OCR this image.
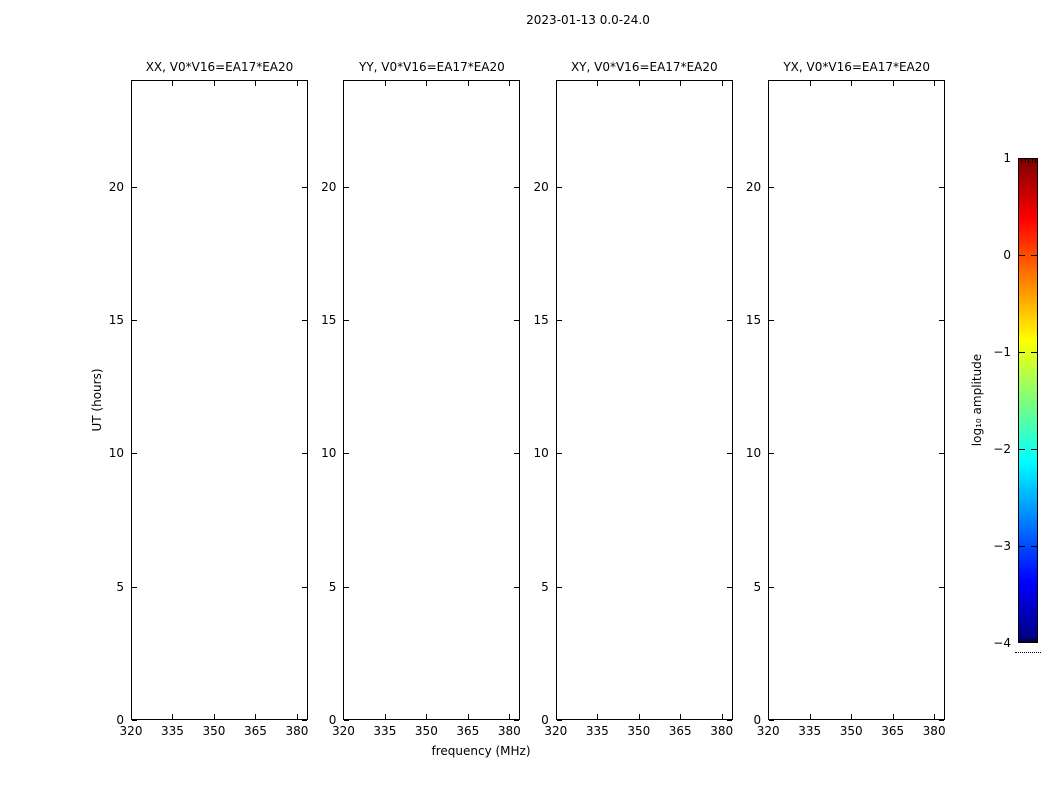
2023-01-13 0.0-24.0
XX, V0*V16=EA17*EA20
320 335 350 365 380
0
5
10
15
20
YY, V0*V16=EA17*EA20
320 335 350 365 380
0
5
10
15
20
XY, V0*V16=EA17*EA20
320 335 350 365 380
0
5
10
15
20
YX, V0*V16=EA17*EA20
320 335 350 365 380
0
5
10
15
20
frequency (MHz)
UT (hours)
1
0
−1
−2
−3
−4
log₁₀ amplitude
